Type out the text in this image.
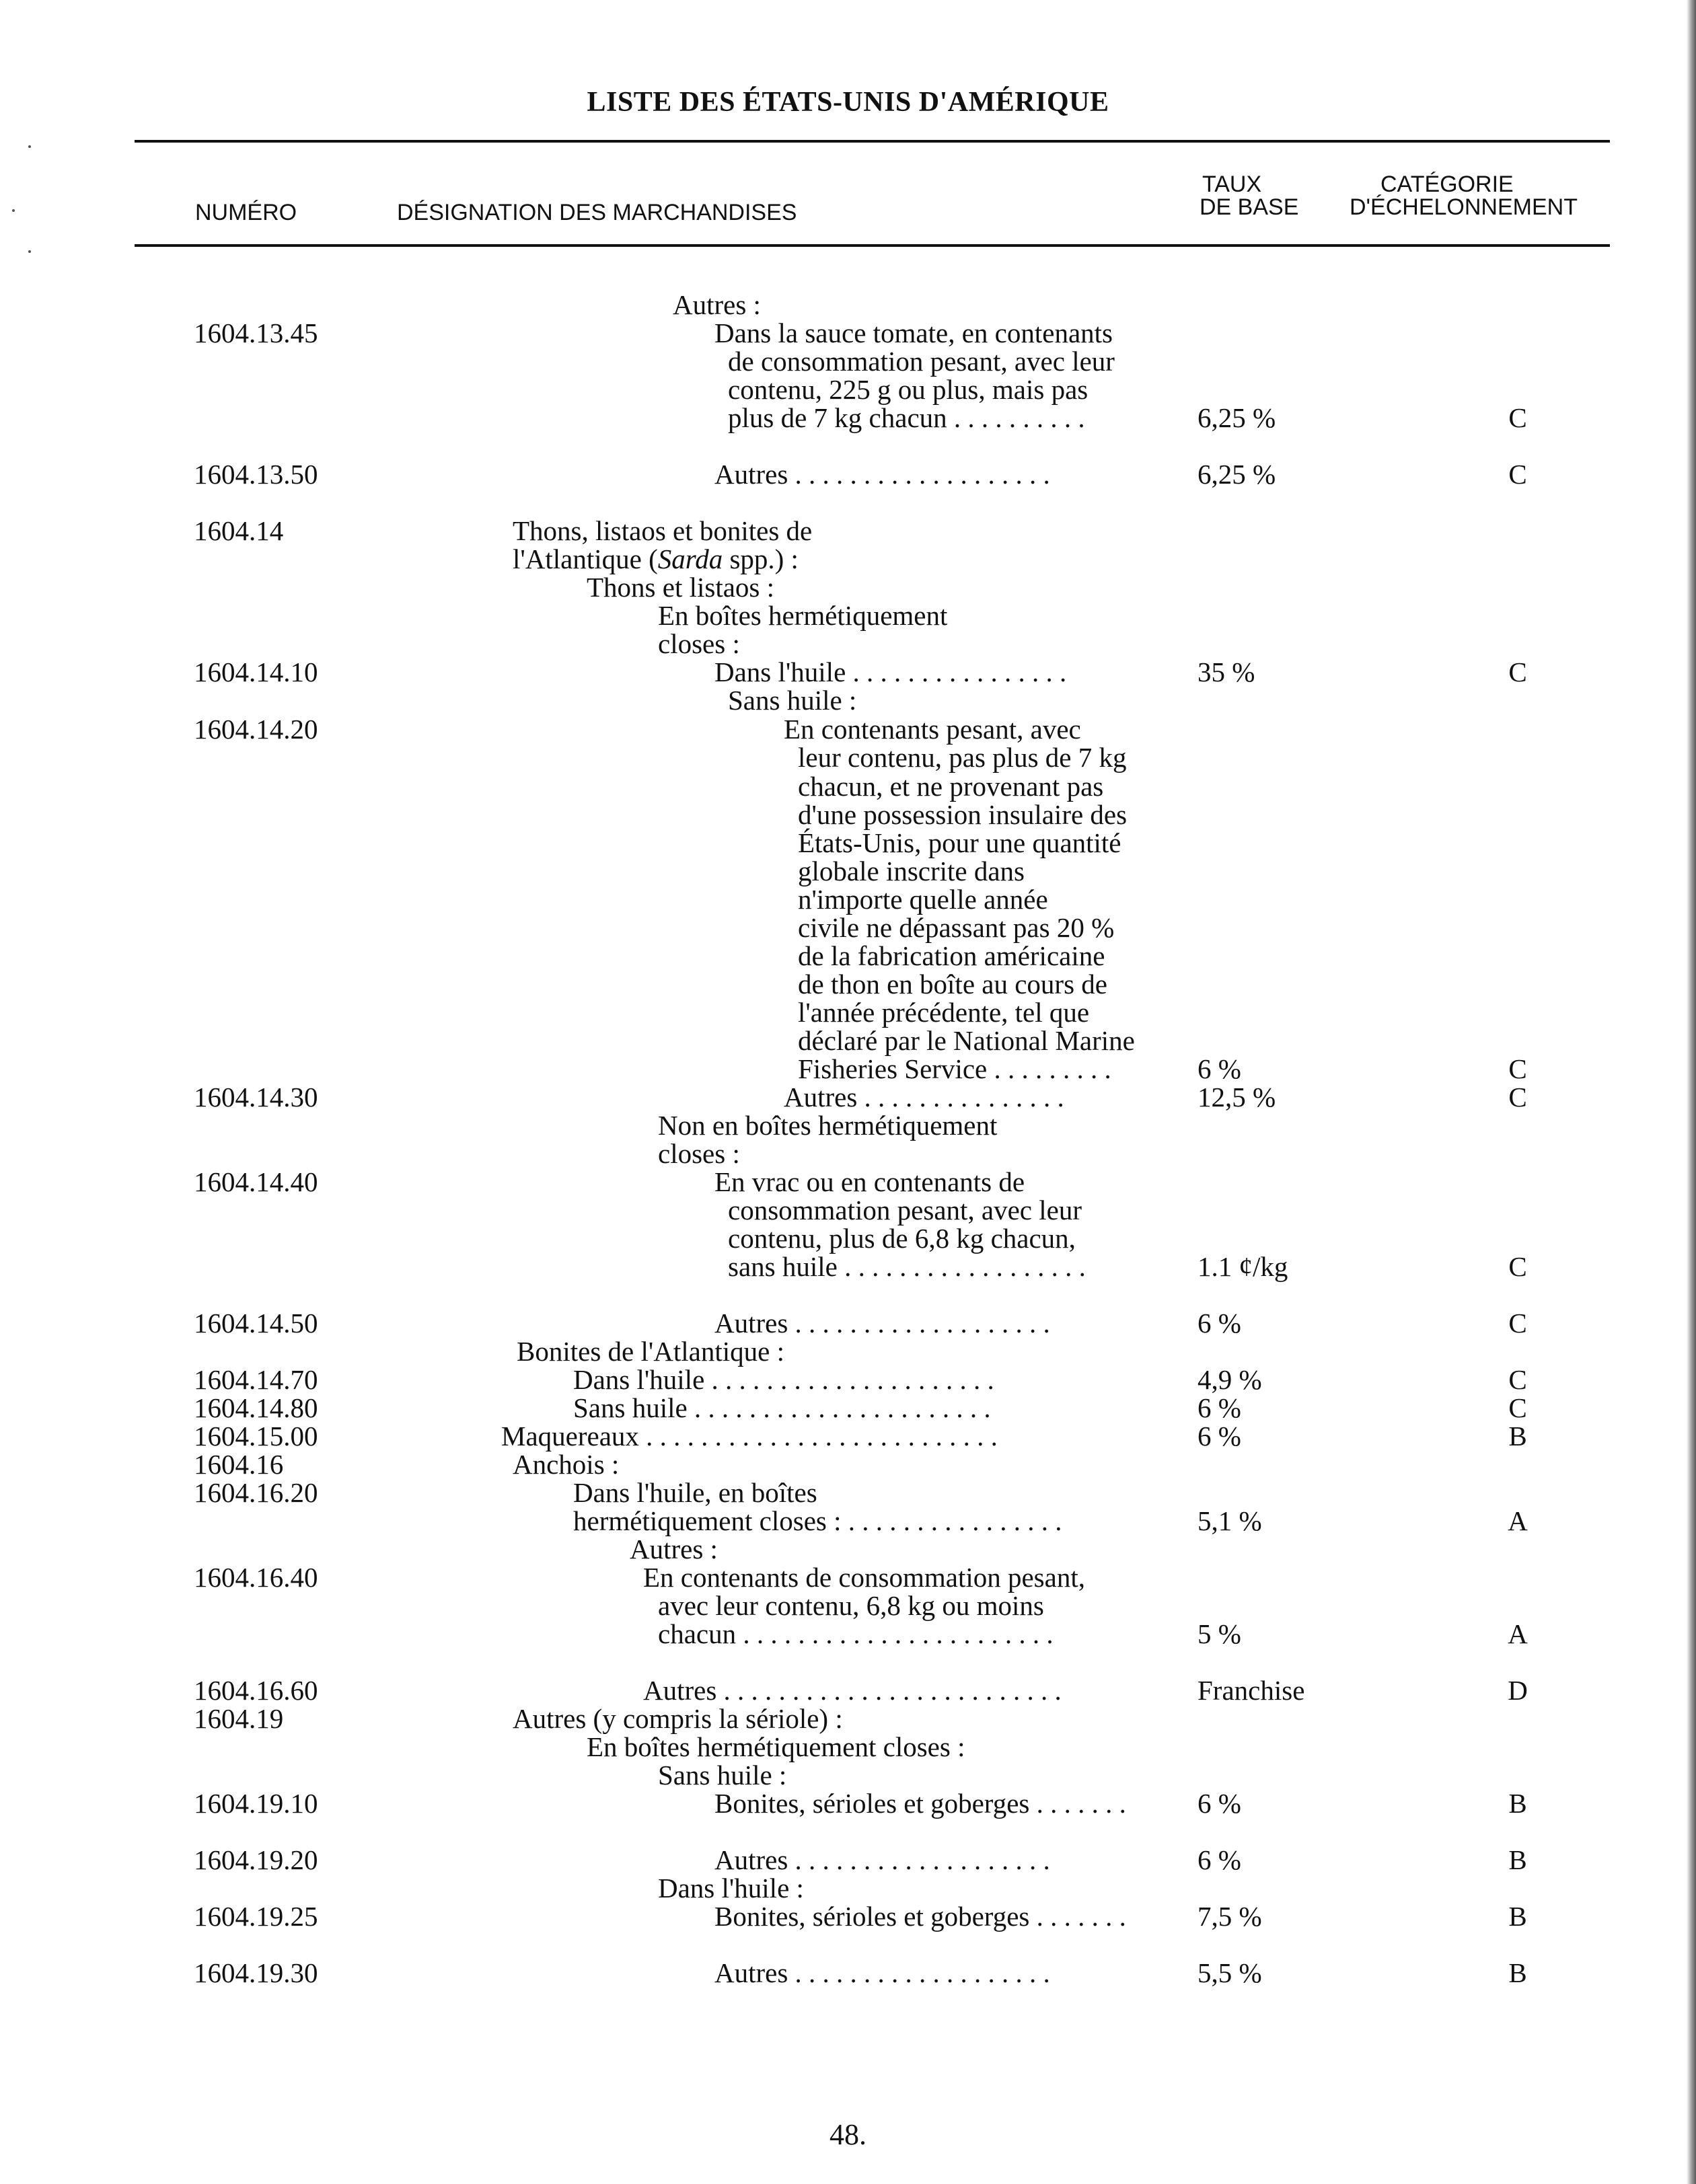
LISTE DES ÉTATS-UNIS D'AMÉRIQUE
NUMÉRO	DÉSIGNATION DES MARCHANDISES
TAUX
DE BASE
CATÉGORIE
D'ÉCHELONNEMENT
Autres :
1604.13.45	Dans la sauce tomate, en contenants
de consommation pesant, avec leur
contenu, 225 g ou plus, mais pas
plus de 7 kg chacun . . . . . . . . . .	6,25 %	C
1604.13.50	Autres . . . . . . . . . . . . . . . . . . .	6,25 %	C
1604.14	Thons, listaos et bonites de
l'Atlantique (Sarda spp.) :
Thons et listaos :
En boîtes hermétiquement
closes :
1604.14.10	Dans l'huile . . . . . . . . . . . . . . . .	35 %	C
Sans huile :
1604.14.20	En contenants pesant, avec
leur contenu, pas plus de 7 kg
chacun, et ne provenant pas
d'une possession insulaire des
États-Unis, pour une quantité
globale inscrite dans
n'importe quelle année
civile ne dépassant pas 20 %
de la fabrication américaine
de thon en boîte au cours de
l'année précédente, tel que
déclaré par le National Marine
Fisheries Service . . . . . . . . .	6 %	C
1604.14.30	Autres . . . . . . . . . . . . . . .	12,5 %	C
Non en boîtes hermétiquement
closes :
1604.14.40	En vrac ou en contenants de
consommation pesant, avec leur
contenu, plus de 6,8 kg chacun,
sans huile . . . . . . . . . . . . . . . . . .	1.1 ¢/kg	C
1604.14.50	Autres . . . . . . . . . . . . . . . . . . .	6 %	C
Bonites de l'Atlantique :
1604.14.70	Dans l'huile . . . . . . . . . . . . . . . . . . . . .	4,9 %	C
1604.14.80	Sans huile . . . . . . . . . . . . . . . . . . . . . .	6 %	C
1604.15.00	Maquereaux . . . . . . . . . . . . . . . . . . . . . . . . . .	6 %	B
1604.16	Anchois :
1604.16.20	Dans l'huile, en boîtes
hermétiquement closes : . . . . . . . . . . . . . . . .	5,1 %	A
Autres :
1604.16.40	En contenants de consommation pesant,
avec leur contenu, 6,8 kg ou moins
chacun . . . . . . . . . . . . . . . . . . . . . . .	5 %	A
1604.16.60	Autres . . . . . . . . . . . . . . . . . . . . . . . . .	Franchise	D
1604.19	Autres (y compris la sériole) :
En boîtes hermétiquement closes :
Sans huile :
1604.19.10	Bonites, sérioles et goberges . . . . . . .	6 %	B
1604.19.20	Autres . . . . . . . . . . . . . . . . . . .	6 %	B
Dans l'huile :
1604.19.25	Bonites, sérioles et goberges . . . . . . .	7,5 %	B
1604.19.30	Autres . . . . . . . . . . . . . . . . . . .	5,5 %	B
48.
